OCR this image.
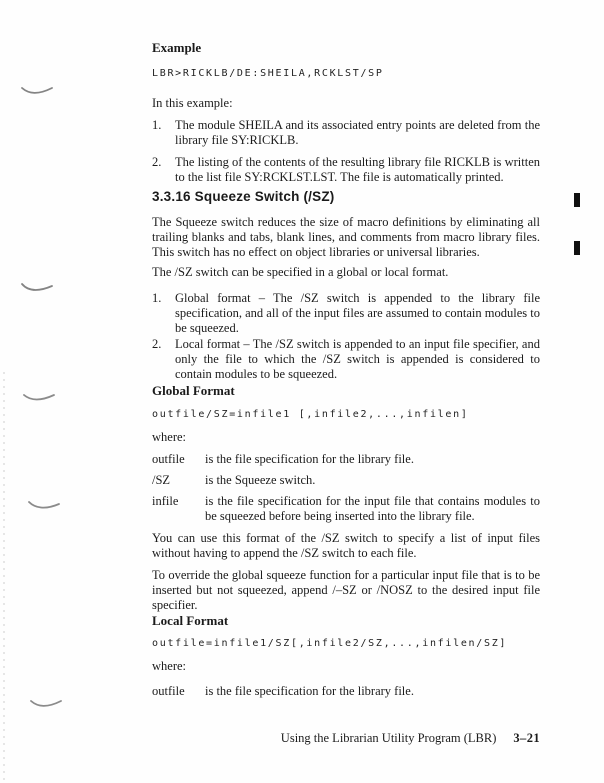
Example
LBR>RICKLB/DE:SHEILA,RCKLST/SP
In this example:
1.	The module SHEILA and its associated entry points are deleted from the library file SY:RICKLB.
2.	The listing of the contents of the resulting library file RICKLB is written to the list file SY:RCKLST.LST. The file is automatically printed.
3.3.16 Squeeze Switch (/SZ)
The Squeeze switch reduces the size of macro definitions by eliminating all trailing blanks and tabs, blank lines, and comments from macro library files. This switch has no effect on object libraries or universal libraries.
The /SZ switch can be specified in a global or local format.
1.	Global format – The /SZ switch is appended to the library file specification, and all of the input files are assumed to contain modules to be squeezed.
2.	Local format – The /SZ switch is appended to an input file specifier, and only the file to which the /SZ switch is appended is considered to contain modules to be squeezed.
Global Format
outfile/SZ=infile1 [,infile2,...,infilen]
where:
outfile	is the file specification for the library file.
/SZ	is the Squeeze switch.
infile	is the file specification for the input file that contains modules to be squeezed before being inserted into the library file.
You can use this format of the /SZ switch to specify a list of input files without having to append the /SZ switch to each file.
To override the global squeeze function for a particular input file that is to be inserted but not squeezed, append /–SZ or /NOSZ to the desired input file specifier.
Local Format
outfile=infile1/SZ[,infile2/SZ,...,infilen/SZ]
where:
outfile	is the file specification for the library file.
Using the Librarian Utility Program (LBR) 3–21
